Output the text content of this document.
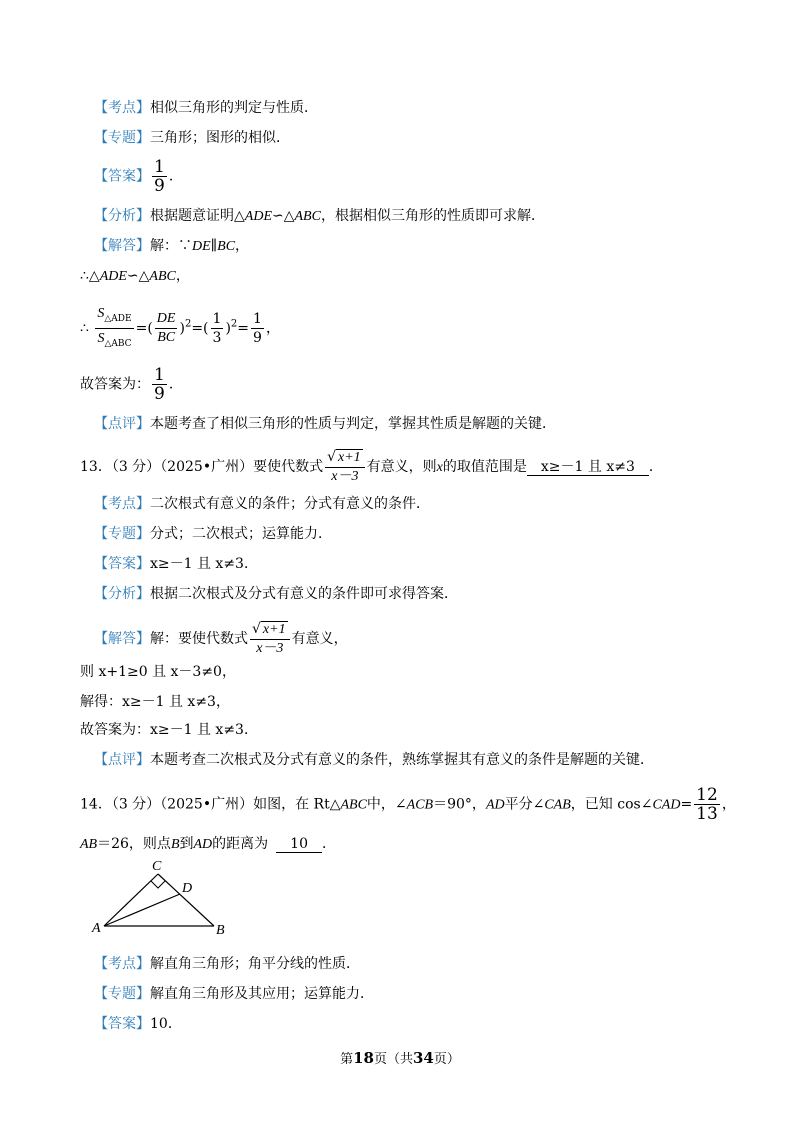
【考点】相似三角形的判定与性质．
【专题】三角形；图形的相似．
【答案】 $\frac{1}{9}$ ．
【分析】根据题意证明△ADE∽△ABC，根据相似三角形的性质即可求解．
【解答】解：∵DE∥BC，
∴△ADE∽△ABC，
∴ $\frac{S_{\triangle ADE}}{S_{\triangle ABC}}$ =( $\frac{DE}{BC} )^2=( \frac{1}{3} )^2= \frac{1}{9}$ ，
故答案为： $\frac{1}{9}$ ．
【点评】本题考查了相似三角形的性质与判定，掌握其性质是解题的关键．
13．（3 分）（2025•广州）要使代数式 $\frac{√ x+1}{x-3}$ 有意义，则x的取值范围是 x≥－1 且 x≠3 ．
【考点】二次根式有意义的条件；分式有意义的条件．
【专题】分式；二次根式；运算能力．
【答案】x≥－1 且 x≠3．
【分析】根据二次根式及分式有意义的条件即可求得答案．
【解答】解：要使代数式 $\frac{√ x+1}{x-3}$ 有意义，
则 x+1≥0 且 x－3≠0，
解得：x≥－1 且 x≠3，
故答案为：x≥－1 且 x≠3．
【点评】本题考查二次根式及分式有意义的条件，熟练掌握其有意义的条件是解题的关键．
14．（3 分）（2025•广州）如图，在 Rt△ABC中，∠ACB＝90°，AD平分∠CAB，已知 cos∠CAD= $\frac{12}{13}$ ，
AB＝26，则点B到AD的距离为 10 ．
C
D
A	B
【考点】解直角三角形；角平分线的性质．
【专题】解直角三角形及其应用；运算能力．
【答案】10．
第18页（共34页）
